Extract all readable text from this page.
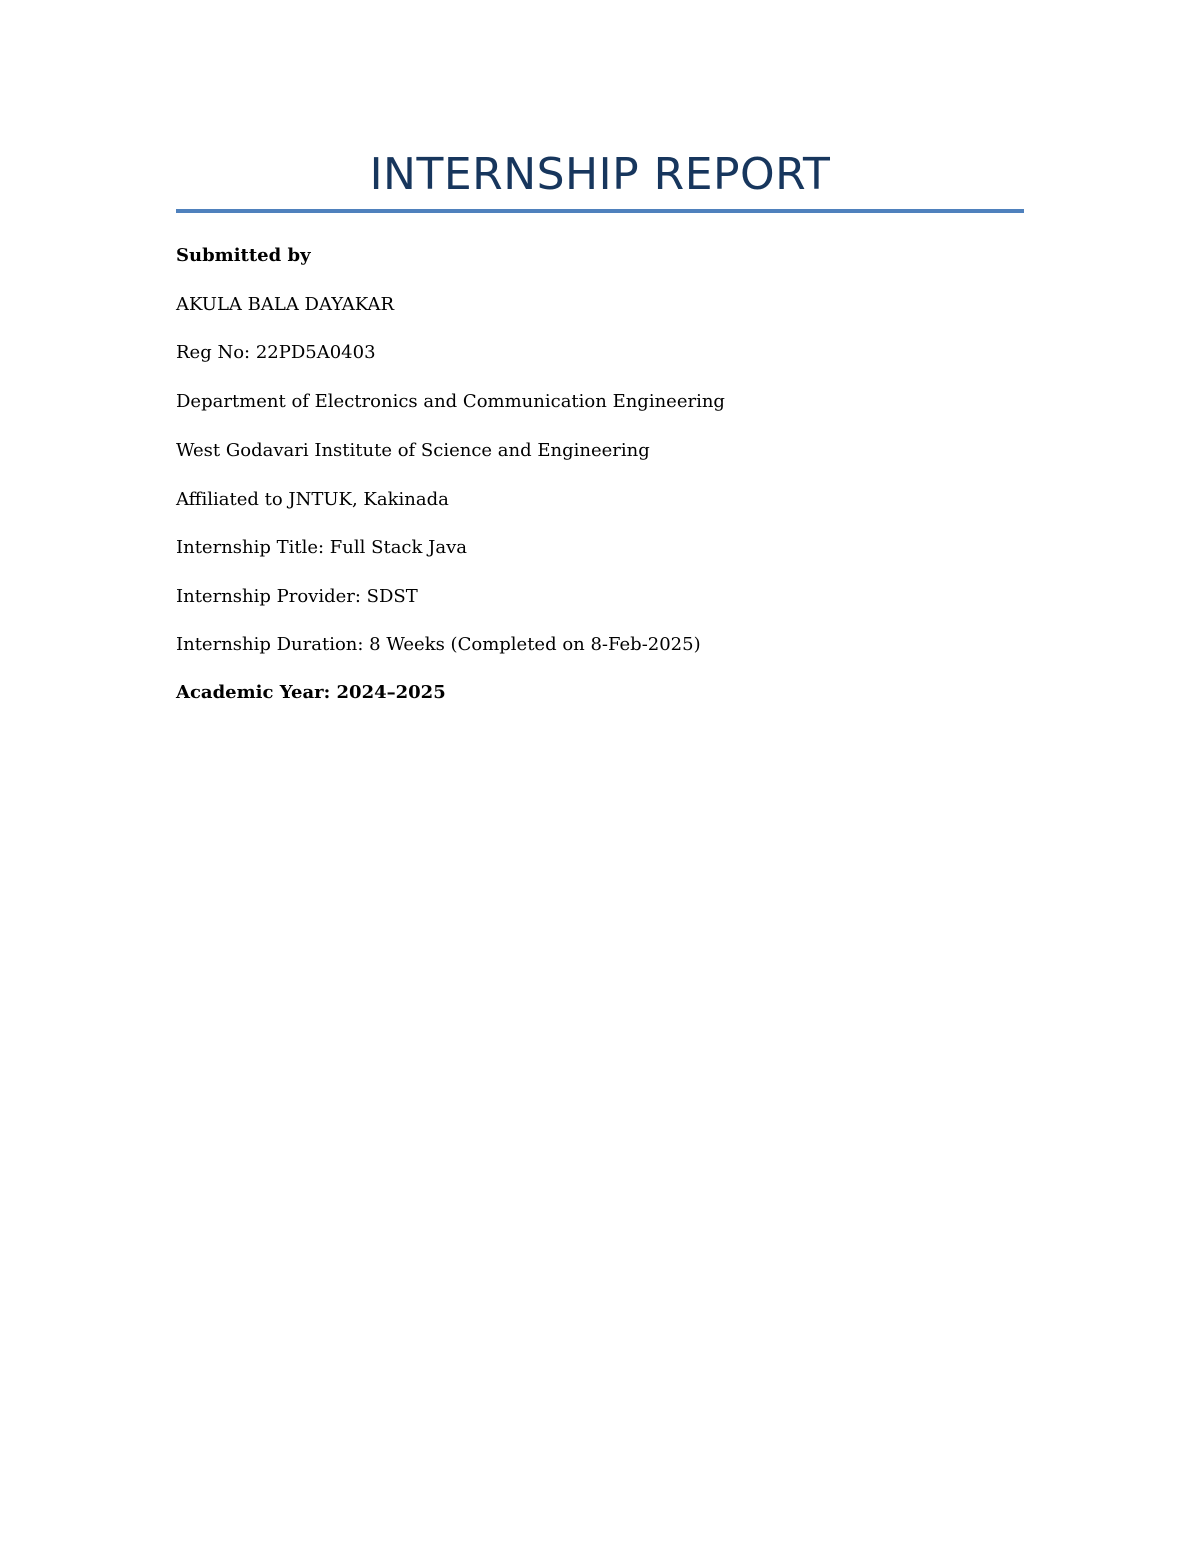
INTERNSHIP REPORT

Submitted by

AKULA BALA DAYAKAR

Reg No: 22PD5A0403

Department of Electronics and Communication Engineering

West Godavari Institute of Science and Engineering

Affiliated to JNTUK, Kakinada

Internship Title: Full Stack Java

Internship Provider: SDST

Internship Duration: 8 Weeks (Completed on 8-Feb-2025)

Academic Year: 2024–2025
